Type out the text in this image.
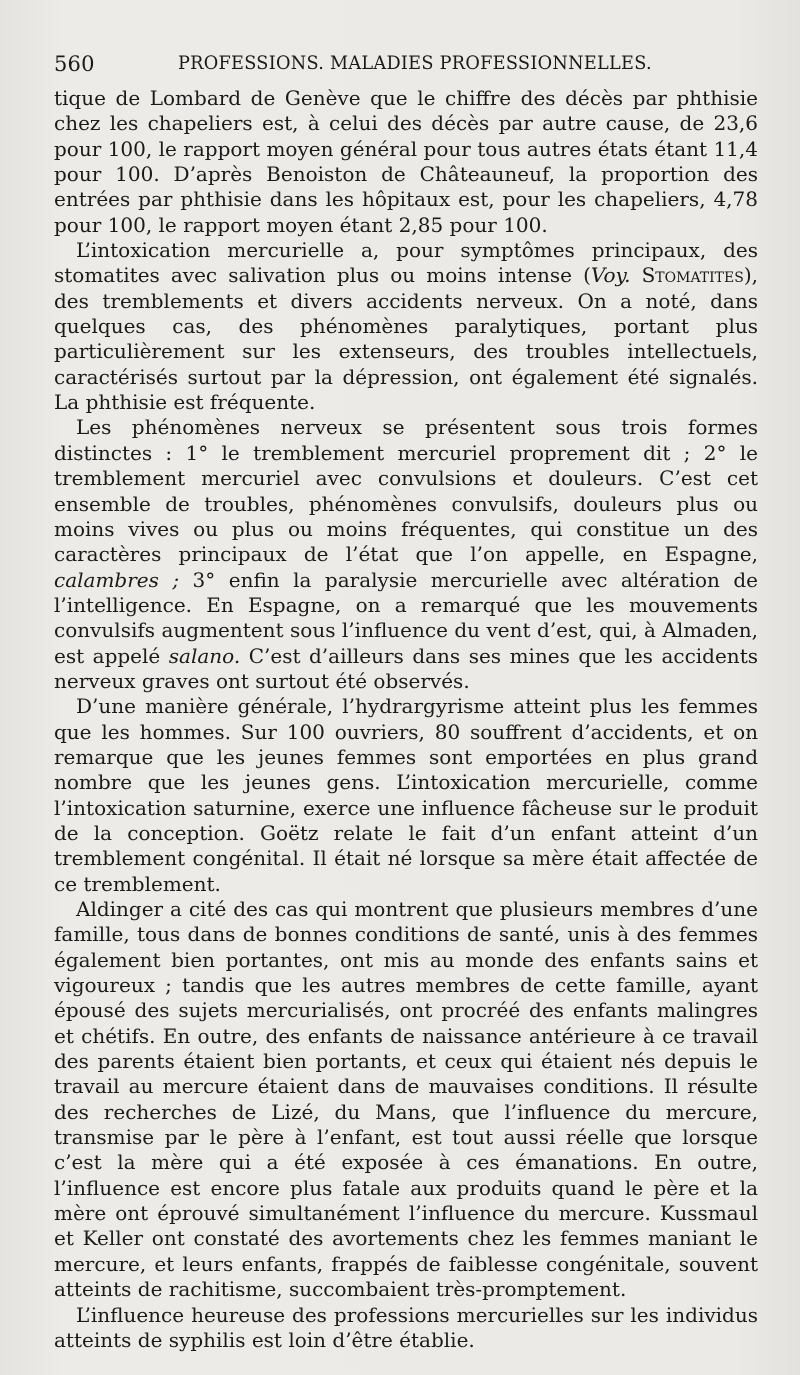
560	PROFESSIONS. MALADIES PROFESSIONNELLES.

tique de Lombard de Genève que le chiffre des décès par phthisie chez les chapeliers est, à celui des décès par autre cause, de 23,6 pour 100, le rapport moyen général pour tous autres états étant 11,4 pour 100. D’après Benoiston de Châteauneuf, la proportion des entrées par phthisie dans les hôpitaux est, pour les chapeliers, 4,78 pour 100, le rapport moyen étant 2,85 pour 100.

L’intoxication mercurielle a, pour symptômes principaux, des stomatites avec salivation plus ou moins intense (Voy. Stomatites), des tremblements et divers accidents nerveux. On a noté, dans quelques cas, des phénomènes paralytiques, portant plus particulièrement sur les extenseurs, des troubles intellectuels, caractérisés surtout par la dépression, ont également été signalés. La phthisie est fréquente.

Les phénomènes nerveux se présentent sous trois formes distinctes : 1° le tremblement mercuriel proprement dit ; 2° le tremblement mercuriel avec convulsions et douleurs. C’est cet ensemble de troubles, phénomènes convulsifs, douleurs plus ou moins vives ou plus ou moins fréquentes, qui constitue un des caractères principaux de l’état que l’on appelle, en Espagne, calambres ; 3° enfin la paralysie mercurielle avec altération de l’intelligence. En Espagne, on a remarqué que les mouvements convulsifs augmentent sous l’influence du vent d’est, qui, à Almaden, est appelé salano. C’est d’ailleurs dans ses mines que les accidents nerveux graves ont surtout été observés.

D’une manière générale, l’hydrargyrisme atteint plus les femmes que les hommes. Sur 100 ouvriers, 80 souffrent d’accidents, et on remarque que les jeunes femmes sont emportées en plus grand nombre que les jeunes gens. L’intoxication mercurielle, comme l’intoxication saturnine, exerce une influence fâcheuse sur le produit de la conception. Goëtz relate le fait d’un enfant atteint d’un tremblement congénital. Il était né lorsque sa mère était affectée de ce tremblement.

Aldinger a cité des cas qui montrent que plusieurs membres d’une famille, tous dans de bonnes conditions de santé, unis à des femmes également bien portantes, ont mis au monde des enfants sains et vigoureux ; tandis que les autres membres de cette famille, ayant épousé des sujets mercurialisés, ont procréé des enfants malingres et chétifs. En outre, des enfants de naissance antérieure à ce travail des parents étaient bien portants, et ceux qui étaient nés depuis le travail au mercure étaient dans de mauvaises conditions. Il résulte des recherches de Lizé, du Mans, que l’influence du mercure, transmise par le père à l’enfant, est tout aussi réelle que lorsque c’est la mère qui a été exposée à ces émanations. En outre, l’influence est encore plus fatale aux produits quand le père et la mère ont éprouvé simultanément l’influence du mercure. Kussmaul et Keller ont constaté des avortements chez les femmes maniant le mercure, et leurs enfants, frappés de faiblesse congénitale, souvent atteints de rachitisme, succombaient très-promptement.

L’influence heureuse des professions mercurielles sur les individus atteints de syphilis est loin d’être établie.
